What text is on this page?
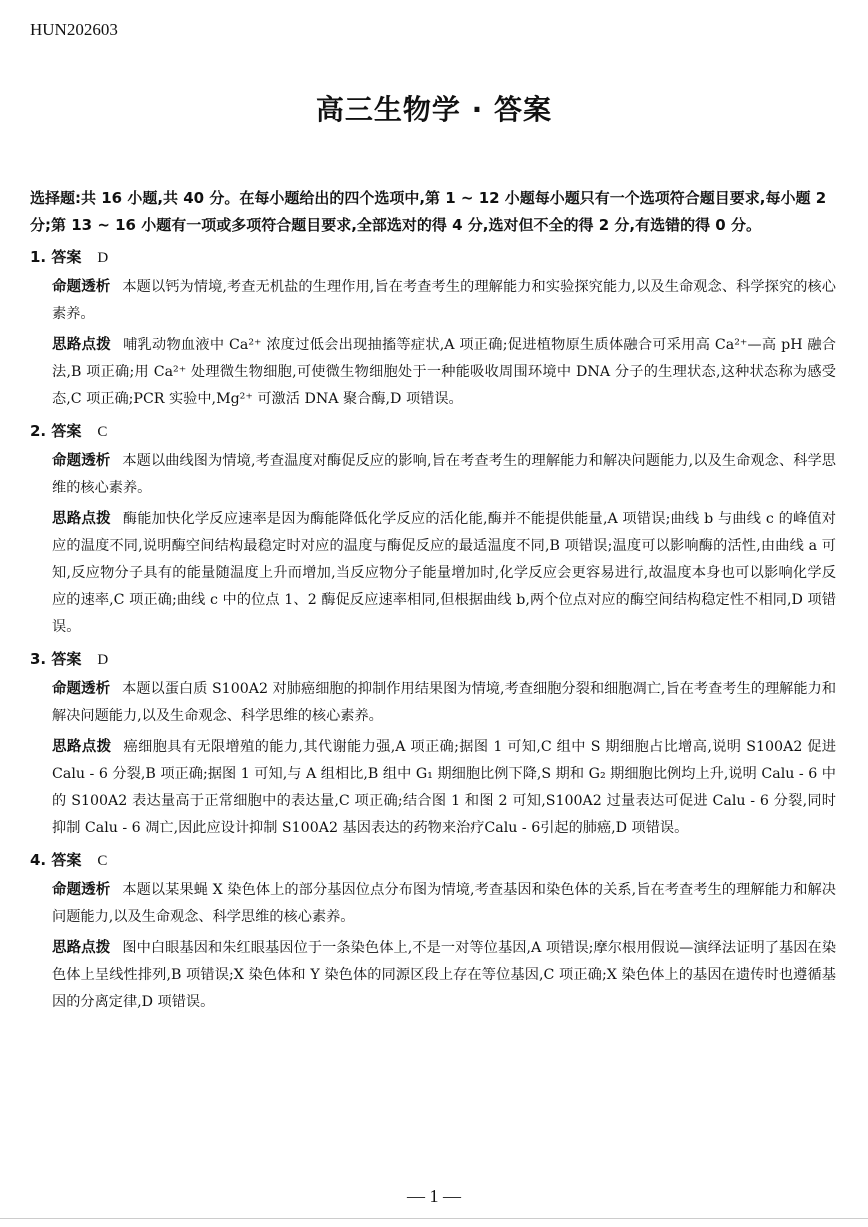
HUN202603
高三生物学 · 答案

选择题:共 16 小题,共 40 分。在每小题给出的四个选项中,第 1 ~ 12 小题每小题只有一个选项符合题目要求,每小题 2 分;第 13 ~ 16 小题有一项或多项符合题目要求,全部选对的得 4 分,选对但不全的得 2 分,有选错的得 0 分。

1. 答案 D

命题透析 本题以钙为情境,考查无机盐的生理作用,旨在考查考生的理解能力和实验探究能力,以及生命观念、科学探究的核心素养。

思路点拨 哺乳动物血液中 Ca²⁺ 浓度过低会出现抽搐等症状,A 项正确;促进植物原生质体融合可采用高 Ca²⁺—高 pH 融合法,B 项正确;用 Ca²⁺ 处理微生物细胞,可使微生物细胞处于一种能吸收周围环境中 DNA 分子的生理状态,这种状态称为感受态,C 项正确;PCR 实验中,Mg²⁺ 可激活 DNA 聚合酶,D 项错误。

2. 答案 C

命题透析 本题以曲线图为情境,考查温度对酶促反应的影响,旨在考查考生的理解能力和解决问题能力,以及生命观念、科学思维的核心素养。

思路点拨 酶能加快化学反应速率是因为酶能降低化学反应的活化能,酶并不能提供能量,A 项错误;曲线 b 与曲线 c 的峰值对应的温度不同,说明酶空间结构最稳定时对应的温度与酶促反应的最适温度不同,B 项错误;温度可以影响酶的活性,由曲线 a 可知,反应物分子具有的能量随温度上升而增加,当反应物分子能量增加时,化学反应会更容易进行,故温度本身也可以影响化学反应的速率,C 项正确;曲线 c 中的位点 1、2 酶促反应速率相同,但根据曲线 b,两个位点对应的酶空间结构稳定性不相同,D 项错误。

3. 答案 D

命题透析 本题以蛋白质 S100A2 对肺癌细胞的抑制作用结果图为情境,考查细胞分裂和细胞凋亡,旨在考查考生的理解能力和解决问题能力,以及生命观念、科学思维的核心素养。

思路点拨 癌细胞具有无限增殖的能力,其代谢能力强,A 项正确;据图 1 可知,C 组中 S 期细胞占比增高,说明 S100A2 促进 Calu - 6 分裂,B 项正确;据图 1 可知,与 A 组相比,B 组中 G₁ 期细胞比例下降,S 期和 G₂ 期细胞比例均上升,说明 Calu - 6 中的 S100A2 表达量高于正常细胞中的表达量,C 项正确;结合图 1 和图 2 可知,S100A2 过量表达可促进 Calu - 6 分裂,同时抑制 Calu - 6 凋亡,因此应设计抑制 S100A2 基因表达的药物来治疗Calu - 6引起的肺癌,D 项错误。

4. 答案 C

命题透析 本题以某果蝇 X 染色体上的部分基因位点分布图为情境,考查基因和染色体的关系,旨在考查考生的理解能力和解决问题能力,以及生命观念、科学思维的核心素养。

思路点拨 图中白眼基因和朱红眼基因位于一条染色体上,不是一对等位基因,A 项错误;摩尔根用假说—演绎法证明了基因在染色体上呈线性排列,B 项错误;X 染色体和 Y 染色体的同源区段上存在等位基因,C 项正确;X 染色体上的基因在遗传时也遵循基因的分离定律,D 项错误。

— 1 —
